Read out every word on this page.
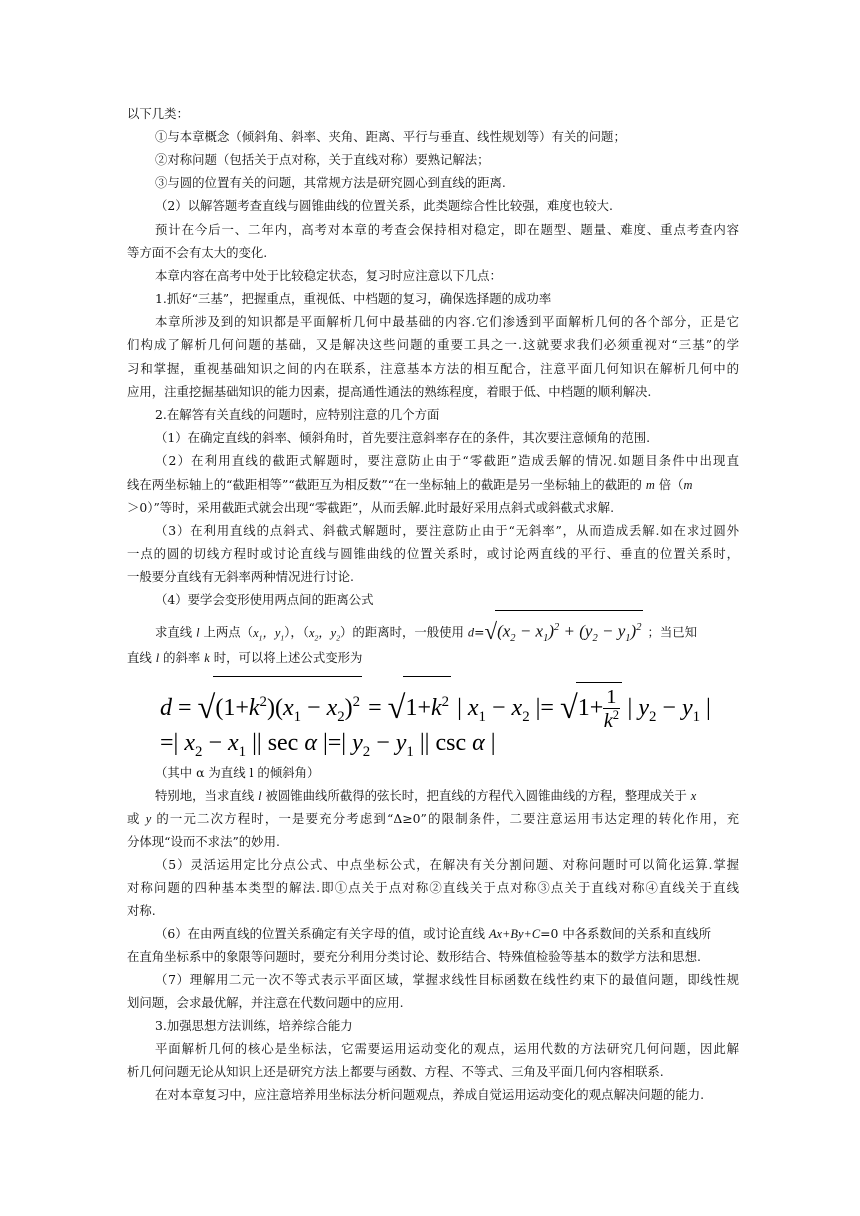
以下几类：
①与本章概念（倾斜角、斜率、夹角、距离、平行与垂直、线性规划等）有关的问题；
②对称问题（包括关于点对称，关于直线对称）要熟记解法；
③与圆的位置有关的问题，其常规方法是研究圆心到直线的距离.
（2）以解答题考查直线与圆锥曲线的位置关系，此类题综合性比较强，难度也较大.
预计在今后一、二年内，高考对本章的考查会保持相对稳定，即在题型、题量、难度、重点考查内容
等方面不会有太大的变化.
本章内容在高考中处于比较稳定状态，复习时应注意以下几点：
1.抓好“三基”，把握重点，重视低、中档题的复习，确保选择题的成功率
本章所涉及到的知识都是平面解析几何中最基础的内容.它们渗透到平面解析几何的各个部分，正是它
们构成了解析几何问题的基础，又是解决这些问题的重要工具之一.这就要求我们必须重视对“三基”的学
习和掌握，重视基础知识之间的内在联系，注意基本方法的相互配合，注意平面几何知识在解析几何中的
应用，注重挖掘基础知识的能力因素，提高通性通法的熟练程度，着眼于低、中档题的顺利解决.
2.在解答有关直线的问题时，应特别注意的几个方面
（1）在确定直线的斜率、倾斜角时，首先要注意斜率存在的条件，其次要注意倾角的范围.
（2）在利用直线的截距式解题时，要注意防止由于“零截距”造成丢解的情况.如题目条件中出现直
线在两坐标轴上的“截距相等”“截距互为相反数”“在一坐标轴上的截距是另一坐标轴上的截距的 m 倍（m
＞0）”等时，采用截距式就会出现“零截距”，从而丢解.此时最好采用点斜式或斜截式求解.
（3）在利用直线的点斜式、斜截式解题时，要注意防止由于“无斜率”，从而造成丢解.如在求过圆外
一点的圆的切线方程时或讨论直线与圆锥曲线的位置关系时，或讨论两直线的平行、垂直的位置关系时，
一般要分直线有无斜率两种情况进行讨论.
（4）要学会变形使用两点间的距离公式
求直线 l 上两点（$x_1$，$y_1$），（$x_2$，$y_2$）的距离时，一般使用 $d=√(x_2 - x_1)^2 + (y_2 - y_1)^2$ ；当已知
直线 l 的斜率 k 时，可以将上述公式变形为
$d = √(1+k^2)(x_1 - x_2)^2 = √1+k^2$ | $x_1 - x_2$ |= $√1+ \frac{1}{k^2}$ | $y_2 - y_1$ |
=| $x_2 - x_1$ || sec α |=| $y_2 - y_1$ || csc α |
（其中 α 为直线 l 的倾斜角）
特别地，当求直线 l 被圆锥曲线所截得的弦长时，把直线的方程代入圆锥曲线的方程，整理成关于 x
或 y 的一元二次方程时，一是要充分考虑到“Δ≥0”的限制条件，二要注意运用韦达定理的转化作用，充
分体现“设而不求法”的妙用.
（5）灵活运用定比分点公式、中点坐标公式，在解决有关分割问题、对称问题时可以简化运算.掌握
对称问题的四种基本类型的解法.即①点关于点对称②直线关于点对称③点关于直线对称④直线关于直线
对称.
（6）在由两直线的位置关系确定有关字母的值，或讨论直线 Ax+By+C=0 中各系数间的关系和直线所
在直角坐标系中的象限等问题时，要充分利用分类讨论、数形结合、特殊值检验等基本的数学方法和思想.
（7）理解用二元一次不等式表示平面区域，掌握求线性目标函数在线性约束下的最值问题，即线性规
划问题，会求最优解，并注意在代数问题中的应用.
3.加强思想方法训练，培养综合能力
平面解析几何的核心是坐标法，它需要运用运动变化的观点，运用代数的方法研究几何问题，因此解
析几何问题无论从知识上还是研究方法上都要与函数、方程、不等式、三角及平面几何内容相联系.
在对本章复习中，应注意培养用坐标法分析问题观点，养成自觉运用运动变化的观点解决问题的能力.
